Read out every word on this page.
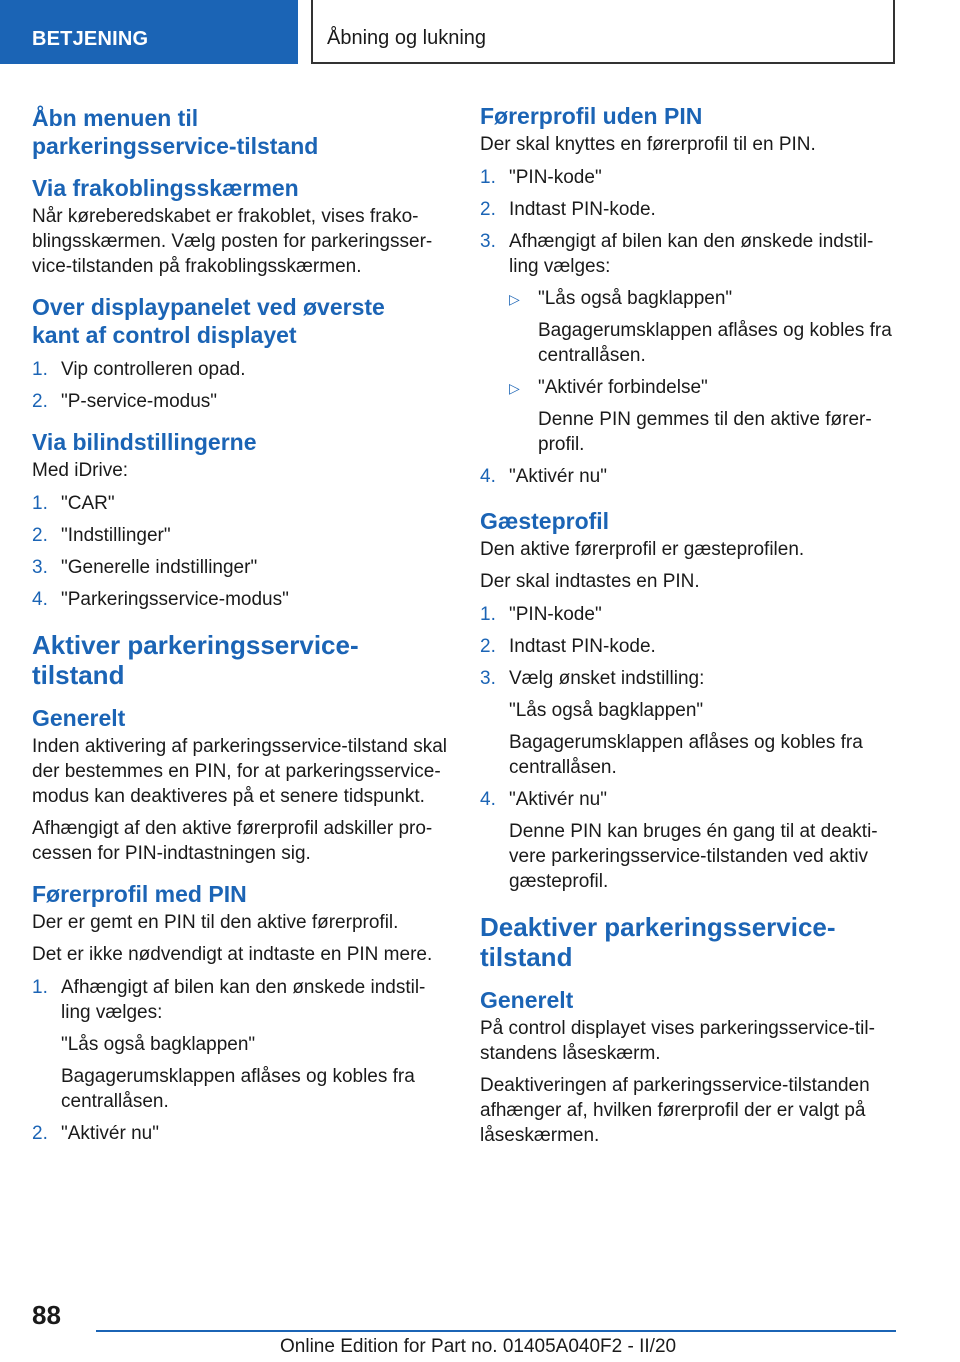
BETJENING	Åbning og lukning
Åbn menuen til
parkeringsservice-tilstand
Via frakoblingsskærmen
Når køreberedskabet er frakoblet, vises frako‐
blingsskærmen. Vælg posten for parkeringsser‐
vice-tilstanden på frakoblingsskærmen.
Over displaypanelet ved øverste
kant af control displayet
1. Vip controlleren opad.
2. "P-service-modus"
Via bilindstillingerne
Med iDrive:
1. "CAR"
2. "Indstillinger"
3. "Generelle indstillinger"
4. "Parkeringsservice-modus"
Aktiver parkeringsservice‐
tilstand
Generelt
Inden aktivering af parkeringsservice-tilstand skal
der bestemmes en PIN, for at parkeringsservice-
modus kan deaktiveres på et senere tidspunkt.
Afhængigt af den aktive førerprofil adskiller pro‐
cessen for PIN-indtastningen sig.
Førerprofil med PIN
Der er gemt en PIN til den aktive førerprofil.
Det er ikke nødvendigt at indtaste en PIN mere.
1. Afhængigt af bilen kan den ønskede indstil‐
ling vælges:
"Lås også bagklappen"
Bagagerumsklappen aflåses og kobles fra
centrallåsen.
2. "Aktivér nu"
Førerprofil uden PIN
Der skal knyttes en førerprofil til en PIN.
1. "PIN-kode"
2. Indtast PIN-kode.
3. Afhængigt af bilen kan den ønskede indstil‐
ling vælges:
▷ "Lås også bagklappen"
Bagagerumsklappen aflåses og kobles fra
centrallåsen.
▷ "Aktivér forbindelse"
Denne PIN gemmes til den aktive fører‐
profil.
4. "Aktivér nu"
Gæsteprofil
Den aktive førerprofil er gæsteprofilen.
Der skal indtastes en PIN.
1. "PIN-kode"
2. Indtast PIN-kode.
3. Vælg ønsket indstilling:
"Lås også bagklappen"
Bagagerumsklappen aflåses og kobles fra
centrallåsen.
4. "Aktivér nu"
Denne PIN kan bruges én gang til at deakti‐
vere parkeringsservice-tilstanden ved aktiv
gæsteprofil.
Deaktiver parkeringsservice‐
tilstand
Generelt
På control displayet vises parkeringsservice-til‐
standens låseskærm.
Deaktiveringen af parkeringsservice-tilstanden
afhænger af, hvilken førerprofil der er valgt på
låseskærmen.
88
Online Edition for Part no. 01405A040F2 - II/20
